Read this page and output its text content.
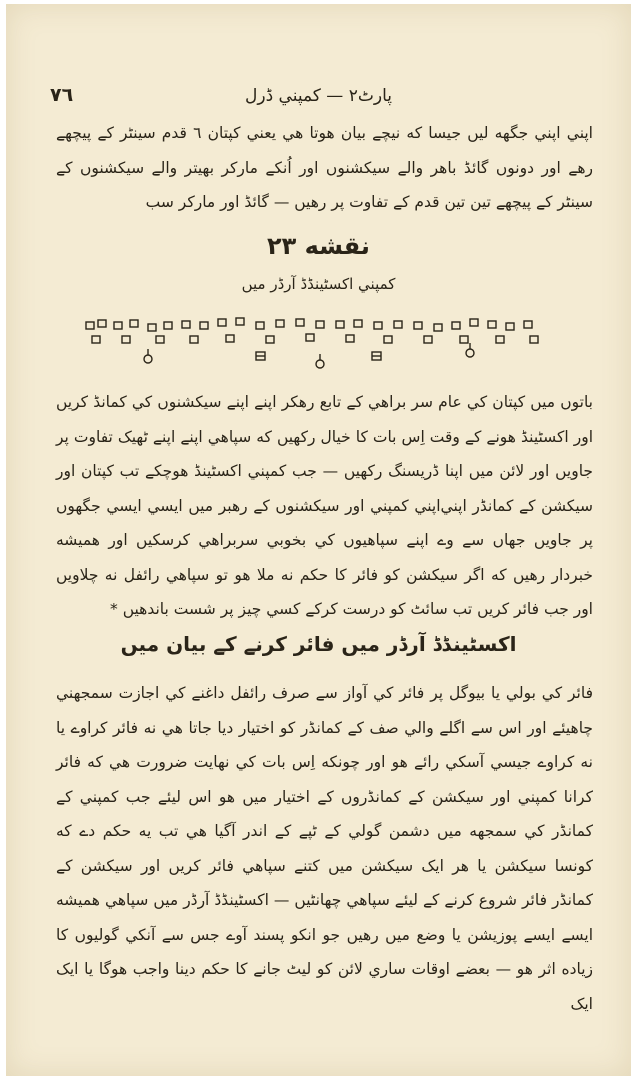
٧٦	پارٹ۲ — کمپني ڈرل

اپني اپني جگهه ليں جيسا که نيچے بيان هوتا هي يعني کپتان ٦ قدم سينٹر کے پيچھے رهے اور دونوں گائڈ باهر والے سيکشنوں اور اُنکے مارکر بهيتر والے سيکشنوں کے سينٹر کے پيچھے تين تين قدم کے تفاوت پر رهيں — گائڈ اور مارکر سب

نقشه ۲۳
کمپني اکسٹينڈڈ آرڈر ميں

باتوں ميں کپتان کي عام سر براهي کے تابع رهکر اپنے اپنے سيکشنوں کي کمانڈ کريں اور اکسٹينڈ هونے کے وقت اِس بات کا خيال رکھيں که سپاهي اپنے اپنے ٹھيک تفاوت پر جاويں اور لائن ميں اپنا ڈريسنگ رکھيں — جب کمپني اکسٹينڈ هوچکے تب کپتان اور سيکشن کے کمانڈر اپني‌اپني کمپني اور سيکشنوں کے رهبر ميں ايسي ايسي جگهوں پر جاويں جهاں سے وے اپنے سپاهيوں کي بخوبي سربراهي کرسکيں اور هميشه خبردار رهيں که اگر سيکشن کو فائر کا حکم نه ملا هو تو سپاهي رائفل نه چلاويں اور جب فائر کريں تب سائٹ کو درست کرکے کسي چيز پر شست باندهيں *

اکسٹينڈڈ آرڈر ميں فائر کرنے کے بيان ميں

فائر کي بولي يا بيوگل پر فائر کي آواز سے صرف رائفل داغنے کي اجازت سمجھني چاهيئے اور اس سے اگلے والي صف کے کمانڈر کو اختيار ديا جاتا هي نه فائر کراوے يا نه کراوے جيسي آسکي رائے هو اور چونکه اِس بات کي نهايت ضرورت هي که فائر کرانا کمپني اور سيکشن کے کمانڈروں کے اختيار ميں هو اس ليئے جب کمپني کے کمانڈر کي سمجهه ميں دشمن گولي کے ٹپے کے اندر آگيا هي تب يه حکم دے که کونسا سيکشن يا هر ايک سيکشن ميں کتنے سپاهي فائر کريں اور سيکشن کے کمانڈر فائر شروع کرنے کے ليئے سپاهي چهانٹيں — اکسٹينڈڈ آرڈر ميں سپاهي هميشه ايسے ايسے پوزيشن يا وضع ميں رهيں جو انکو پسند آوے جس سے آنکي گوليوں کا زياده اثر هو — بعضے اوقات ساري لائن کو ليٹ جانے کا حکم دينا واجب هوگا يا ايک ايک
